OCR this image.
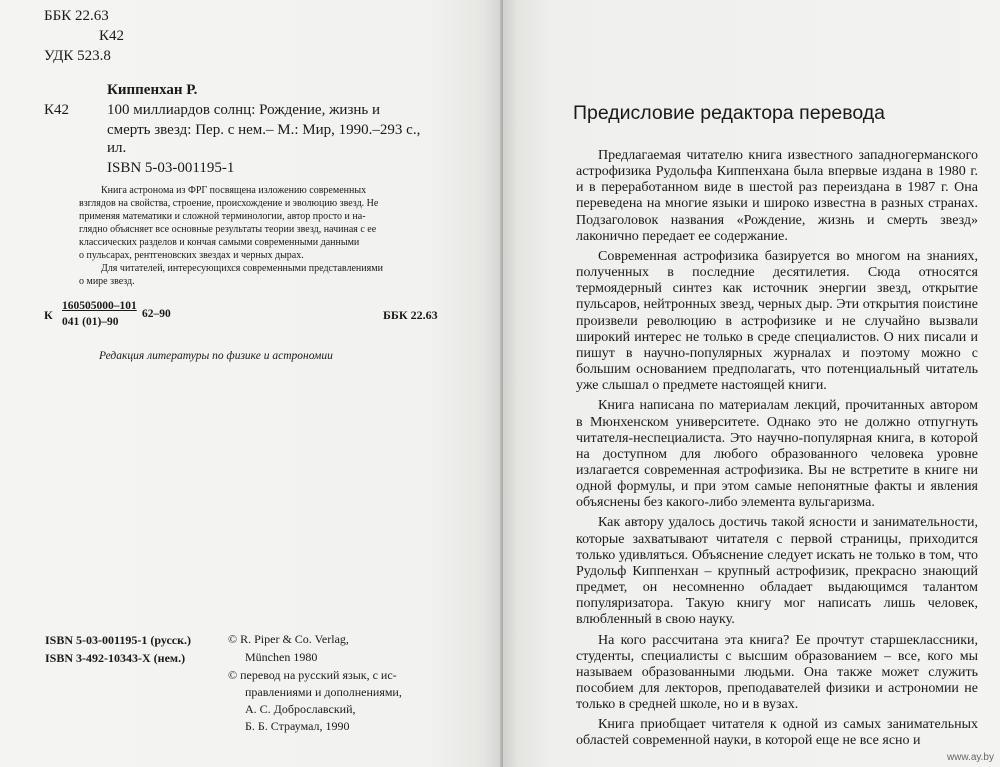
ББК 22.63
К42
УДК 523.8
Киппенхан Р.
К42	100 миллиардов солнц: Рождение, жизнь и
смерть звезд: Пер. с нем.– М.: Мир, 1990.–293 с.,
ил.
ISBN 5-03-001195-1
Книга астронома из ФРГ посвящена изложению современных
взглядов на свойства, строение, происхождение и эволюцию звезд. Не
применяя математики и сложной терминологии, автор просто и на-
глядно объясняет все основные результаты теории звезд, начиная с ее
классических разделов и кончая самыми современными данными
о пульсарах, рентгеновских звездах и черных дырах.
Для читателей, интересующихся современными представлениями
о мире звезд.
К
160505000–101
041 (01)–90
62–90	ББК 22.63
Редакция литературы по физике и астрономии
ISBN 5-03-001195-1 (русск.)
ISBN 3-492-10343-Х (нем.)
© R. Piper & Co. Verlag,
München 1980
© перевод на русский язык, с ис-
правлениями и дополнениями,
А. С. Доброславский,
Б. Б. Страумал, 1990
Предисловие редактора перевода

Предлагаемая читателю книга известного западногерманского астрофизика Рудольфа Киппенхана была впервые издана в 1980 г. и в переработанном виде в шестой раз переиздана в 1987 г. Она переведена на многие языки и широко известна в разных странах. Подзаголовок названия «Рождение, жизнь и смерть звезд» лаконично передает ее содержание.

Современная астрофизика базируется во многом на знаниях, полученных в последние десятилетия. Сюда относятся термоядерный синтез как источник энергии звезд, открытие пульсаров, нейтронных звезд, черных дыр. Эти открытия поистине произвели революцию в астрофизике и не случайно вызвали широкий интерес не только в среде специалистов. О них писали и пишут в научно-популярных журналах и поэтому можно с большим основанием предполагать, что потенциальный читатель уже слышал о предмете настоящей книги.

Книга написана по материалам лекций, прочитанных автором в Мюнхенском университете. Однако это не должно отпугнуть читателя-неспециалиста. Это научно-популярная книга, в которой на доступном для любого образованного человека уровне излагается современная астрофизика. Вы не встретите в книге ни одной формулы, и при этом самые непонятные факты и явления объяснены без какого-либо элемента вульгаризма.

Как автору удалось достичь такой ясности и занимательности, которые захватывают читателя с первой страницы, приходится только удивляться. Объяснение следует искать не только в том, что Рудольф Киппенхан – крупный астрофизик, прекрасно знающий предмет, он несомненно обладает выдающимся талантом популяризатора. Такую книгу мог написать лишь человек, влюбленный в свою науку.

На кого рассчитана эта книга? Ее прочтут старшеклассники, студенты, специалисты с высшим образованием – все, кого мы называем образованными людьми. Она также может служить пособием для лекторов, преподавателей физики и астрономии не только в средней школе, но и в вузах.

Книга приобщает читателя к одной из самых занимательных областей современной науки, в которой еще не все ясно и

www.ay.by
